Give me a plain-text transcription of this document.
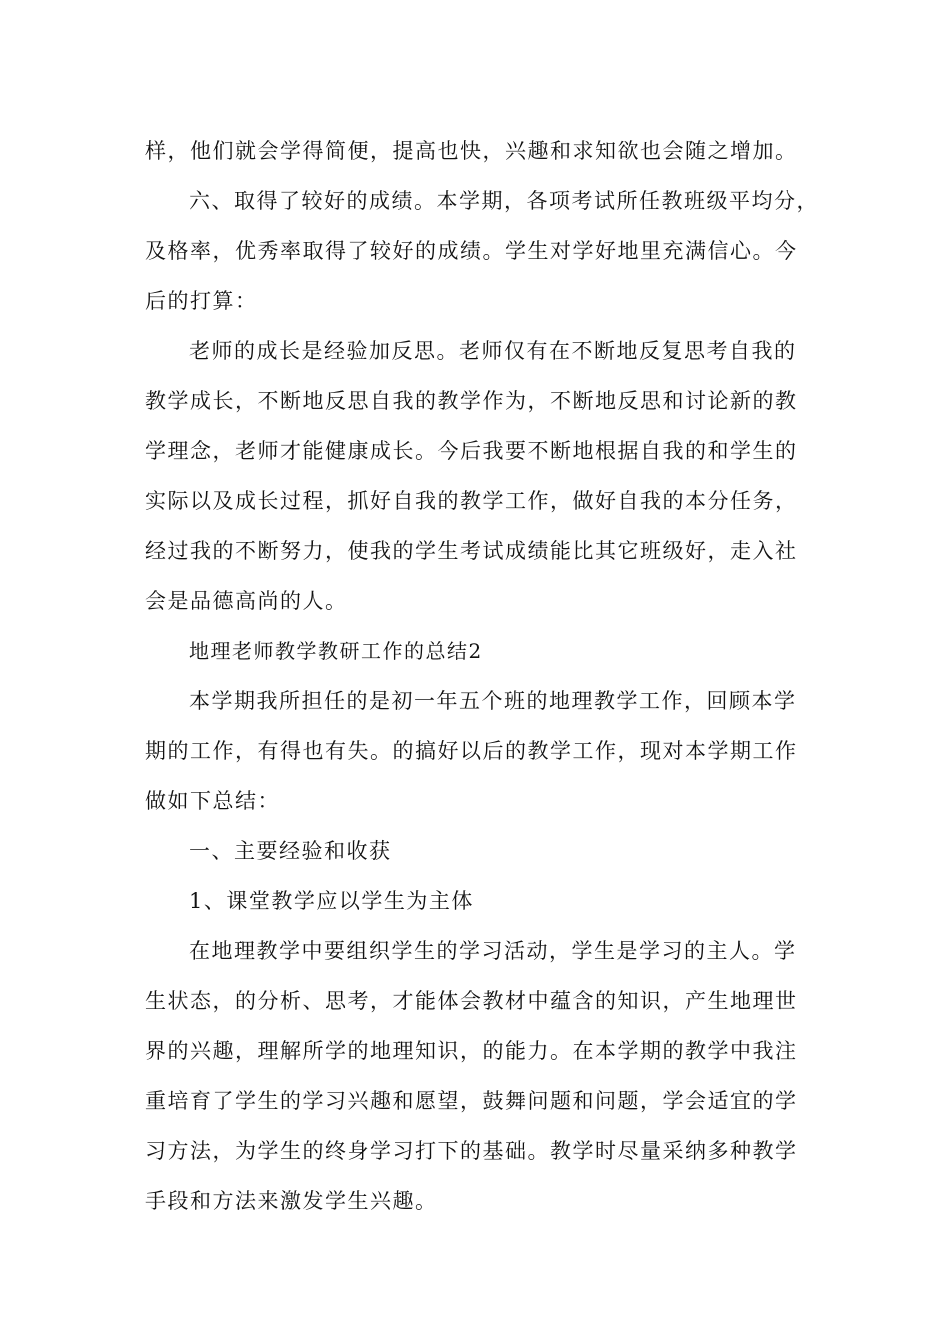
样，他们就会学得简便，提高也快，兴趣和求知欲也会随之增加。
六、取得了较好的成绩。本学期，各项考试所任教班级平均分，
及格率，优秀率取得了较好的成绩。学生对学好地里充满信心。今
后的打算：
老师的成长是经验加反思。老师仅有在不断地反复思考自我的
教学成长，不断地反思自我的教学作为，不断地反思和讨论新的教
学理念，老师才能健康成长。今后我要不断地根据自我的和学生的
实际以及成长过程，抓好自我的教学工作，做好自我的本分任务，
经过我的不断努力，使我的学生考试成绩能比其它班级好，走入社
会是品德高尚的人。
地理老师教学教研工作的总结2
本学期我所担任的是初一年五个班的地理教学工作，回顾本学
期的工作，有得也有失。的搞好以后的教学工作，现对本学期工作
做如下总结：
一、主要经验和收获
1、课堂教学应以学生为主体
在地理教学中要组织学生的学习活动，学生是学习的主人。学
生状态，的分析、思考，才能体会教材中蕴含的知识，产生地理世
界的兴趣，理解所学的地理知识，的能力。在本学期的教学中我注
重培育了学生的学习兴趣和愿望，鼓舞问题和问题，学会适宜的学
习方法，为学生的终身学习打下的基础。教学时尽量采纳多种教学
手段和方法来激发学生兴趣。
